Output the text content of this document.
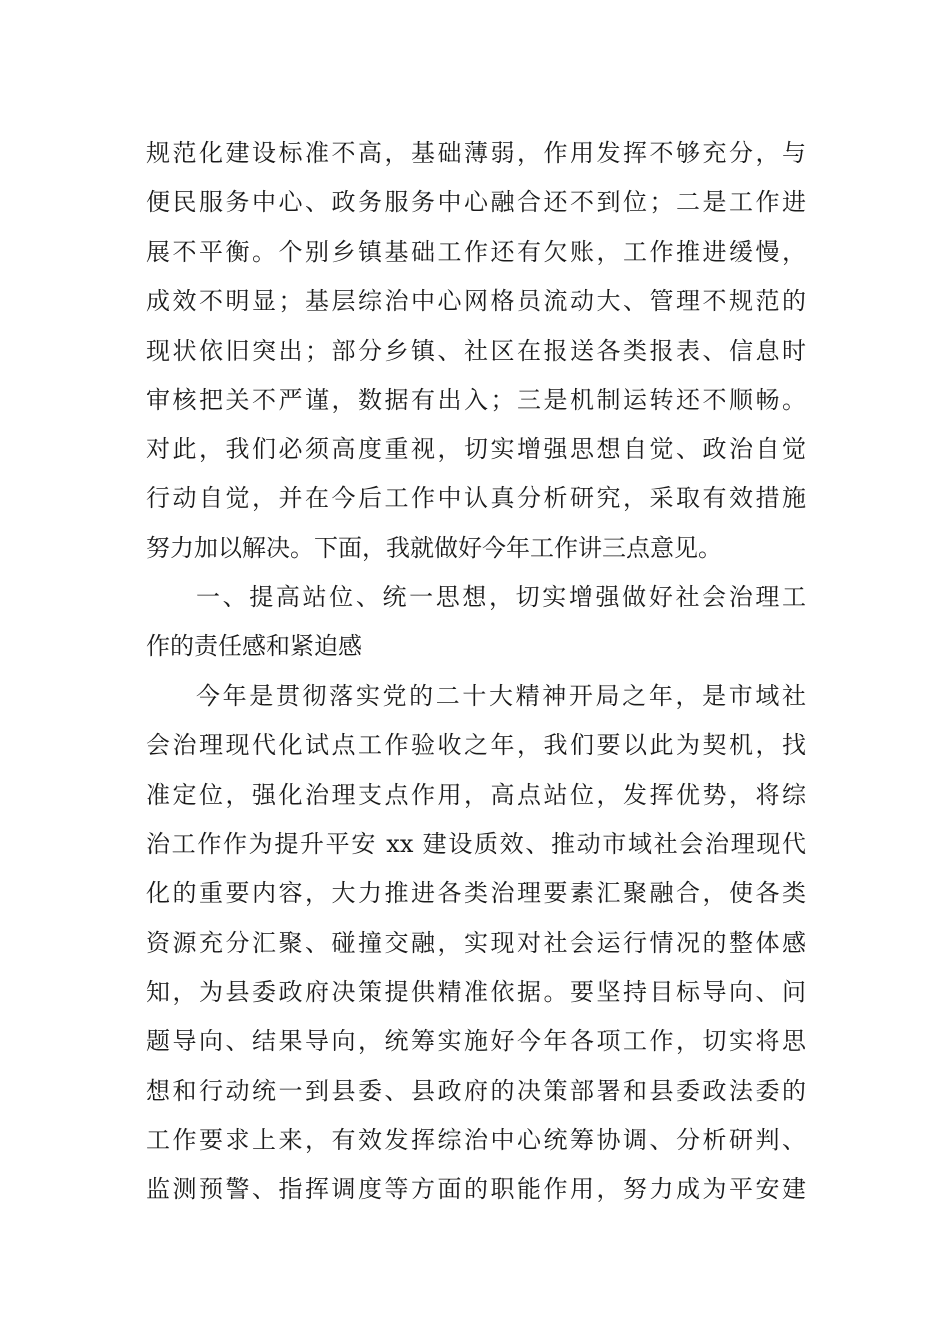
规范化建设标准不高，基础薄弱，作用发挥不够充分，与
便民服务中心、政务服务中心融合还不到位；二是工作进
展不平衡。个别乡镇基础工作还有欠账，工作推进缓慢，
成效不明显；基层综治中心网格员流动大、管理不规范的
现状依旧突出；部分乡镇、社区在报送各类报表、信息时
审核把关不严谨，数据有出入；三是机制运转还不顺畅。
对此，我们必须高度重视，切实增强思想自觉、政治自觉
行动自觉，并在今后工作中认真分析研究，采取有效措施
努力加以解决。下面，我就做好今年工作讲三点意见。
一、提高站位、统一思想，切实增强做好社会治理工
作的责任感和紧迫感
今年是贯彻落实党的二十大精神开局之年，是市域社
会治理现代化试点工作验收之年，我们要以此为契机，找
准定位，强化治理支点作用，高点站位，发挥优势，将综
治工作作为提升平安 xx 建设质效、推动市域社会治理现代
化的重要内容，大力推进各类治理要素汇聚融合，使各类
资源充分汇聚、碰撞交融，实现对社会运行情况的整体感
知，为县委政府决策提供精准依据。要坚持目标导向、问
题导向、结果导向，统筹实施好今年各项工作，切实将思
想和行动统一到县委、县政府的决策部署和县委政法委的
工作要求上来，有效发挥综治中心统筹协调、分析研判、
监测预警、指挥调度等方面的职能作用，努力成为平安建
